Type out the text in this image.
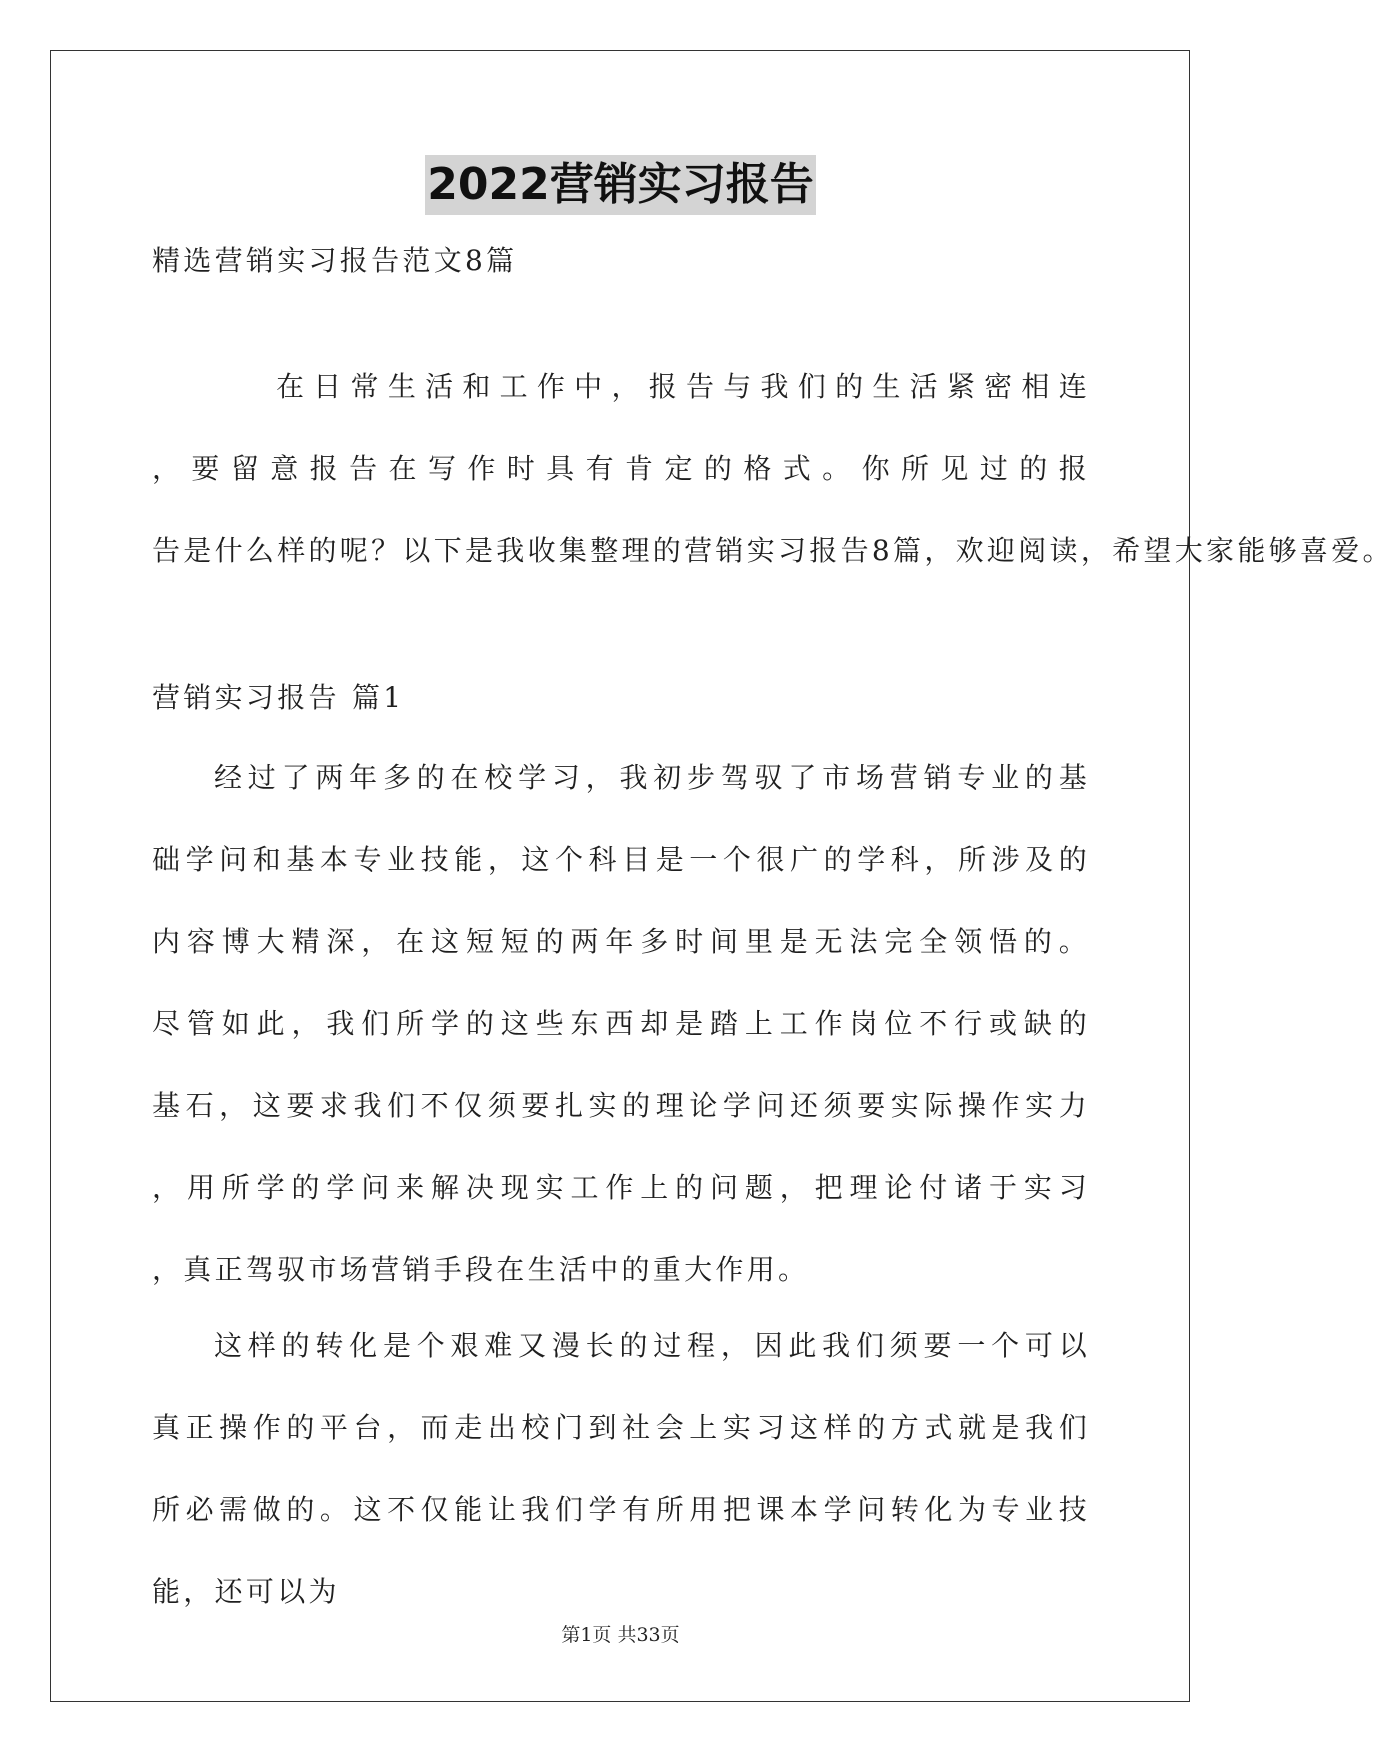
2022营销实习报告
精选营销实习报告范文8篇
在日常生活和工作中，报告与我们的生活紧密相连
，要留意报告在写作时具有肯定的格式。你所见过的报
告是什么样的呢？以下是我收集整理的营销实习报告8篇，欢迎阅读，希望大家能够喜爱。
营销实习报告 篇1
经过了两年多的在校学习，我初步驾驭了市场营销专业的基
础学问和基本专业技能，这个科目是一个很广的学科，所涉及的
内容博大精深，在这短短的两年多时间里是无法完全领悟的。
尽管如此，我们所学的这些东西却是踏上工作岗位不行或缺的
基石，这要求我们不仅须要扎实的理论学问还须要实际操作实力
，用所学的学问来解决现实工作上的问题，把理论付诸于实习
，真正驾驭市场营销手段在生活中的重大作用。
这样的转化是个艰难又漫长的过程，因此我们须要一个可以
真正操作的平台，而走出校门到社会上实习这样的方式就是我们
所必需做的。这不仅能让我们学有所用把课本学问转化为专业技
能，还可以为
第1页 共33页
